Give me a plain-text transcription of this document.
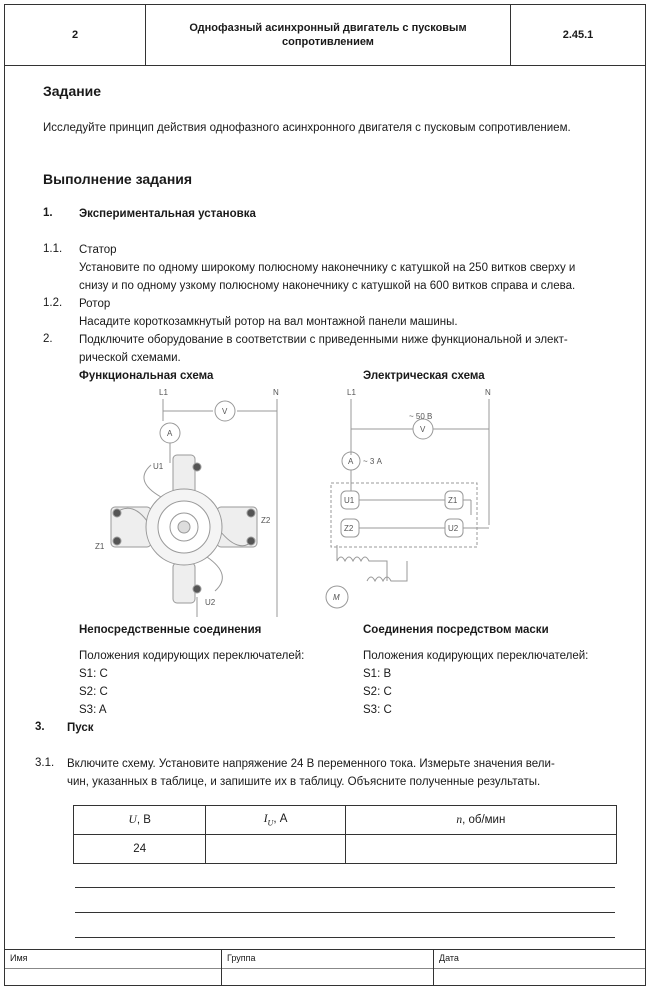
2
Однофазный асинхронный двигатель с пусковым сопротивлением
2.45.1
Задание
Исследуйте принцип действия однофазного асинхронного двигателя с пусковым сопротивлением.
Выполнение задания
1. Экспериментальная установка
1.1. Статор
Установите по одному широкому полюсному наконечнику с катушкой на 250 витков сверху и
снизу и по одному узкому полюсному наконечнику с катушкой на 600 витков справа и слева.
1.2. Ротор
Насадите короткозамкнутый ротор на вал монтажной панели машины.
2. Подключите оборудование в соответствии с приведенными ниже функциональной и элект-
рической схемами.
Функциональная схема	Электрическая схема
L1	N
V
A
U1
U2
Z1
Z2
L1	N
~ 50 В
V
A ~ 3 А
U1
Z2
Z1
U2
M
Непосредственные соединения
Положения кодирующих переключателей:
S1: C
S2: C
S3: A
Соединения посредством маски
Положения кодирующих переключателей:
S1: B
S2: C
S3: C
3. Пуск
3.1. Включите схему. Установите напряжение 24 В переменного тока. Измерьте значения вели-
чин, указанных в таблице, и запишите их в таблицу. Объясните полученные результаты.
U, В	$I_U$, А	n, об/мин
24		
Имя	Группа	Дата
